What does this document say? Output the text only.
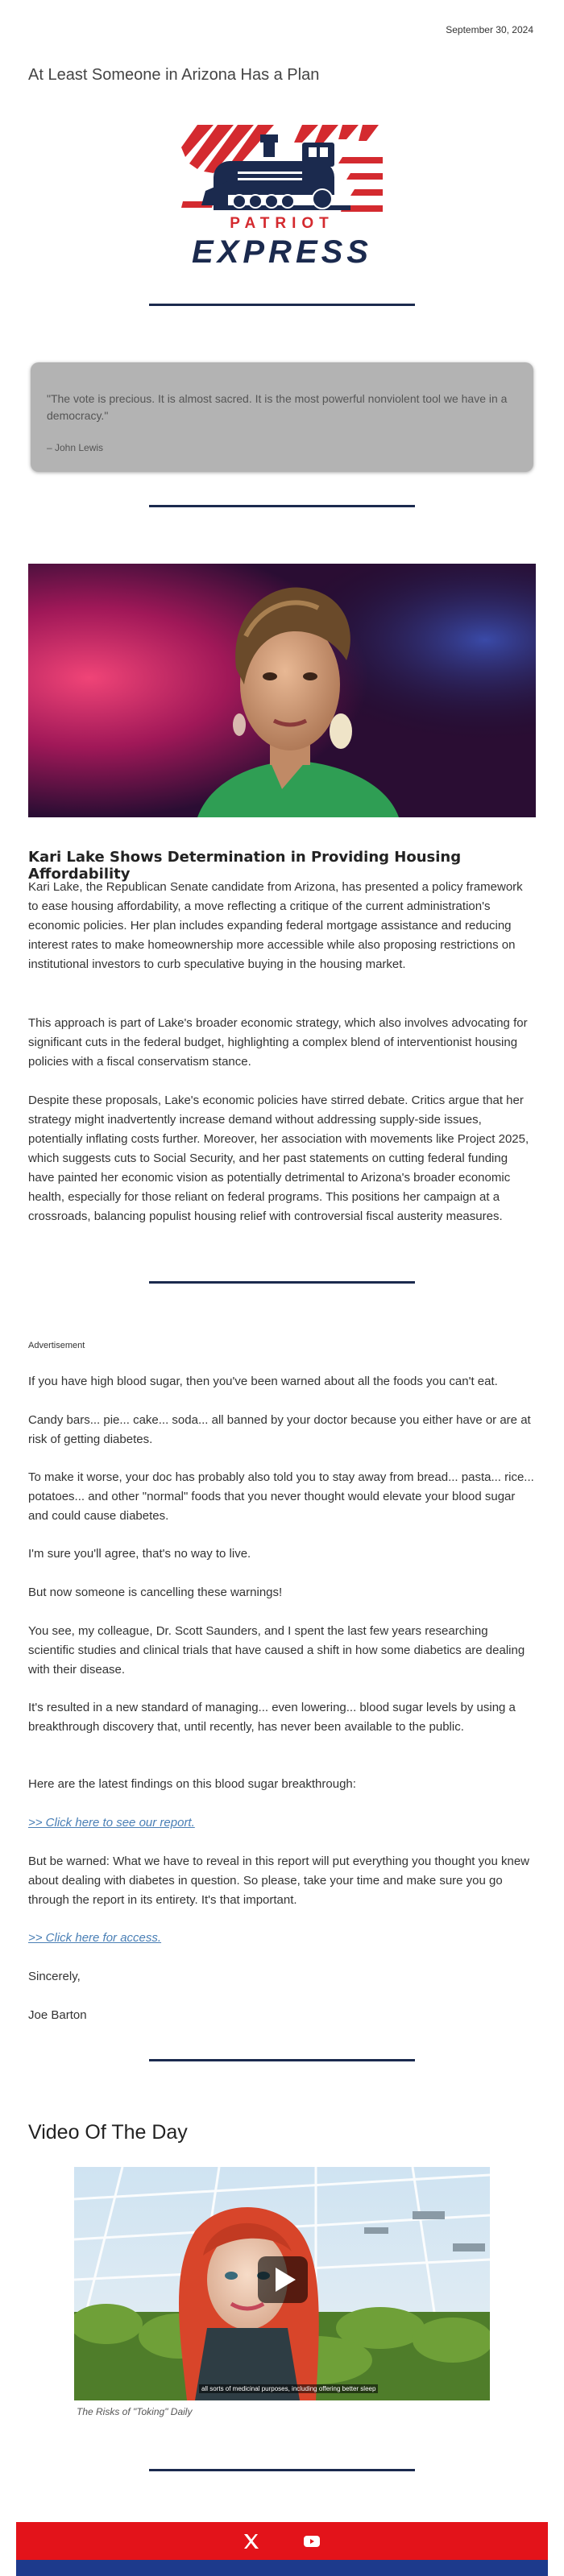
September 30, 2024
At Least Someone in Arizona Has a Plan
PATRIOT
EXPRESS
"The vote is precious. It is almost sacred. It is the most powerful nonviolent tool we have in a democracy."
– John Lewis
Kari Lake Shows Determination in Providing Housing Affordability

Kari Lake, the Republican Senate candidate from Arizona, has presented a policy framework to ease housing affordability, a move reflecting a critique of the current administration's economic policies. Her plan includes expanding federal mortgage assistance and reducing interest rates to make homeownership more accessible while also proposing restrictions on institutional investors to curb speculative buying in the housing market.

This approach is part of Lake's broader economic strategy, which also involves advocating for significant cuts in the federal budget, highlighting a complex blend of interventionist housing policies with a fiscal conservatism stance.

Despite these proposals, Lake's economic policies have stirred debate. Critics argue that her strategy might inadvertently increase demand without addressing supply-side issues, potentially inflating costs further. Moreover, her association with movements like Project 2025, which suggests cuts to Social Security, and her past statements on cutting federal funding have painted her economic vision as potentially detrimental to Arizona's broader economic health, especially for those reliant on federal programs. This positions her campaign at a crossroads, balancing populist housing relief with controversial fiscal austerity measures.

Advertisement

If you have high blood sugar, then you've been warned about all the foods you can't eat.

Candy bars... pie... cake... soda... all banned by your doctor because you either have or are at risk of getting diabetes.

To make it worse, your doc has probably also told you to stay away from bread... pasta... rice... potatoes... and other "normal" foods that you never thought would elevate your blood sugar and could cause diabetes.

I'm sure you'll agree, that's no way to live.

But now someone is cancelling these warnings!

You see, my colleague, Dr. Scott Saunders, and I spent the last few years researching scientific studies and clinical trials that have caused a shift in how some diabetics are dealing with their disease.

It's resulted in a new standard of managing... even lowering... blood sugar levels by using a breakthrough discovery that, until recently, has never been available to the public.

Here are the latest findings on this blood sugar breakthrough:

>> Click here to see our report.

But be warned: What we have to reveal in this report will put everything you thought you knew about dealing with diabetes in question. So please, take your time and make sure you go through the report in its entirety. It's that important.

>> Click here for access.

Sincerely,

Joe Barton

Video Of The Day
all sorts of medicinal purposes, including offering better sleep
The Risks of "Toking" Daily
